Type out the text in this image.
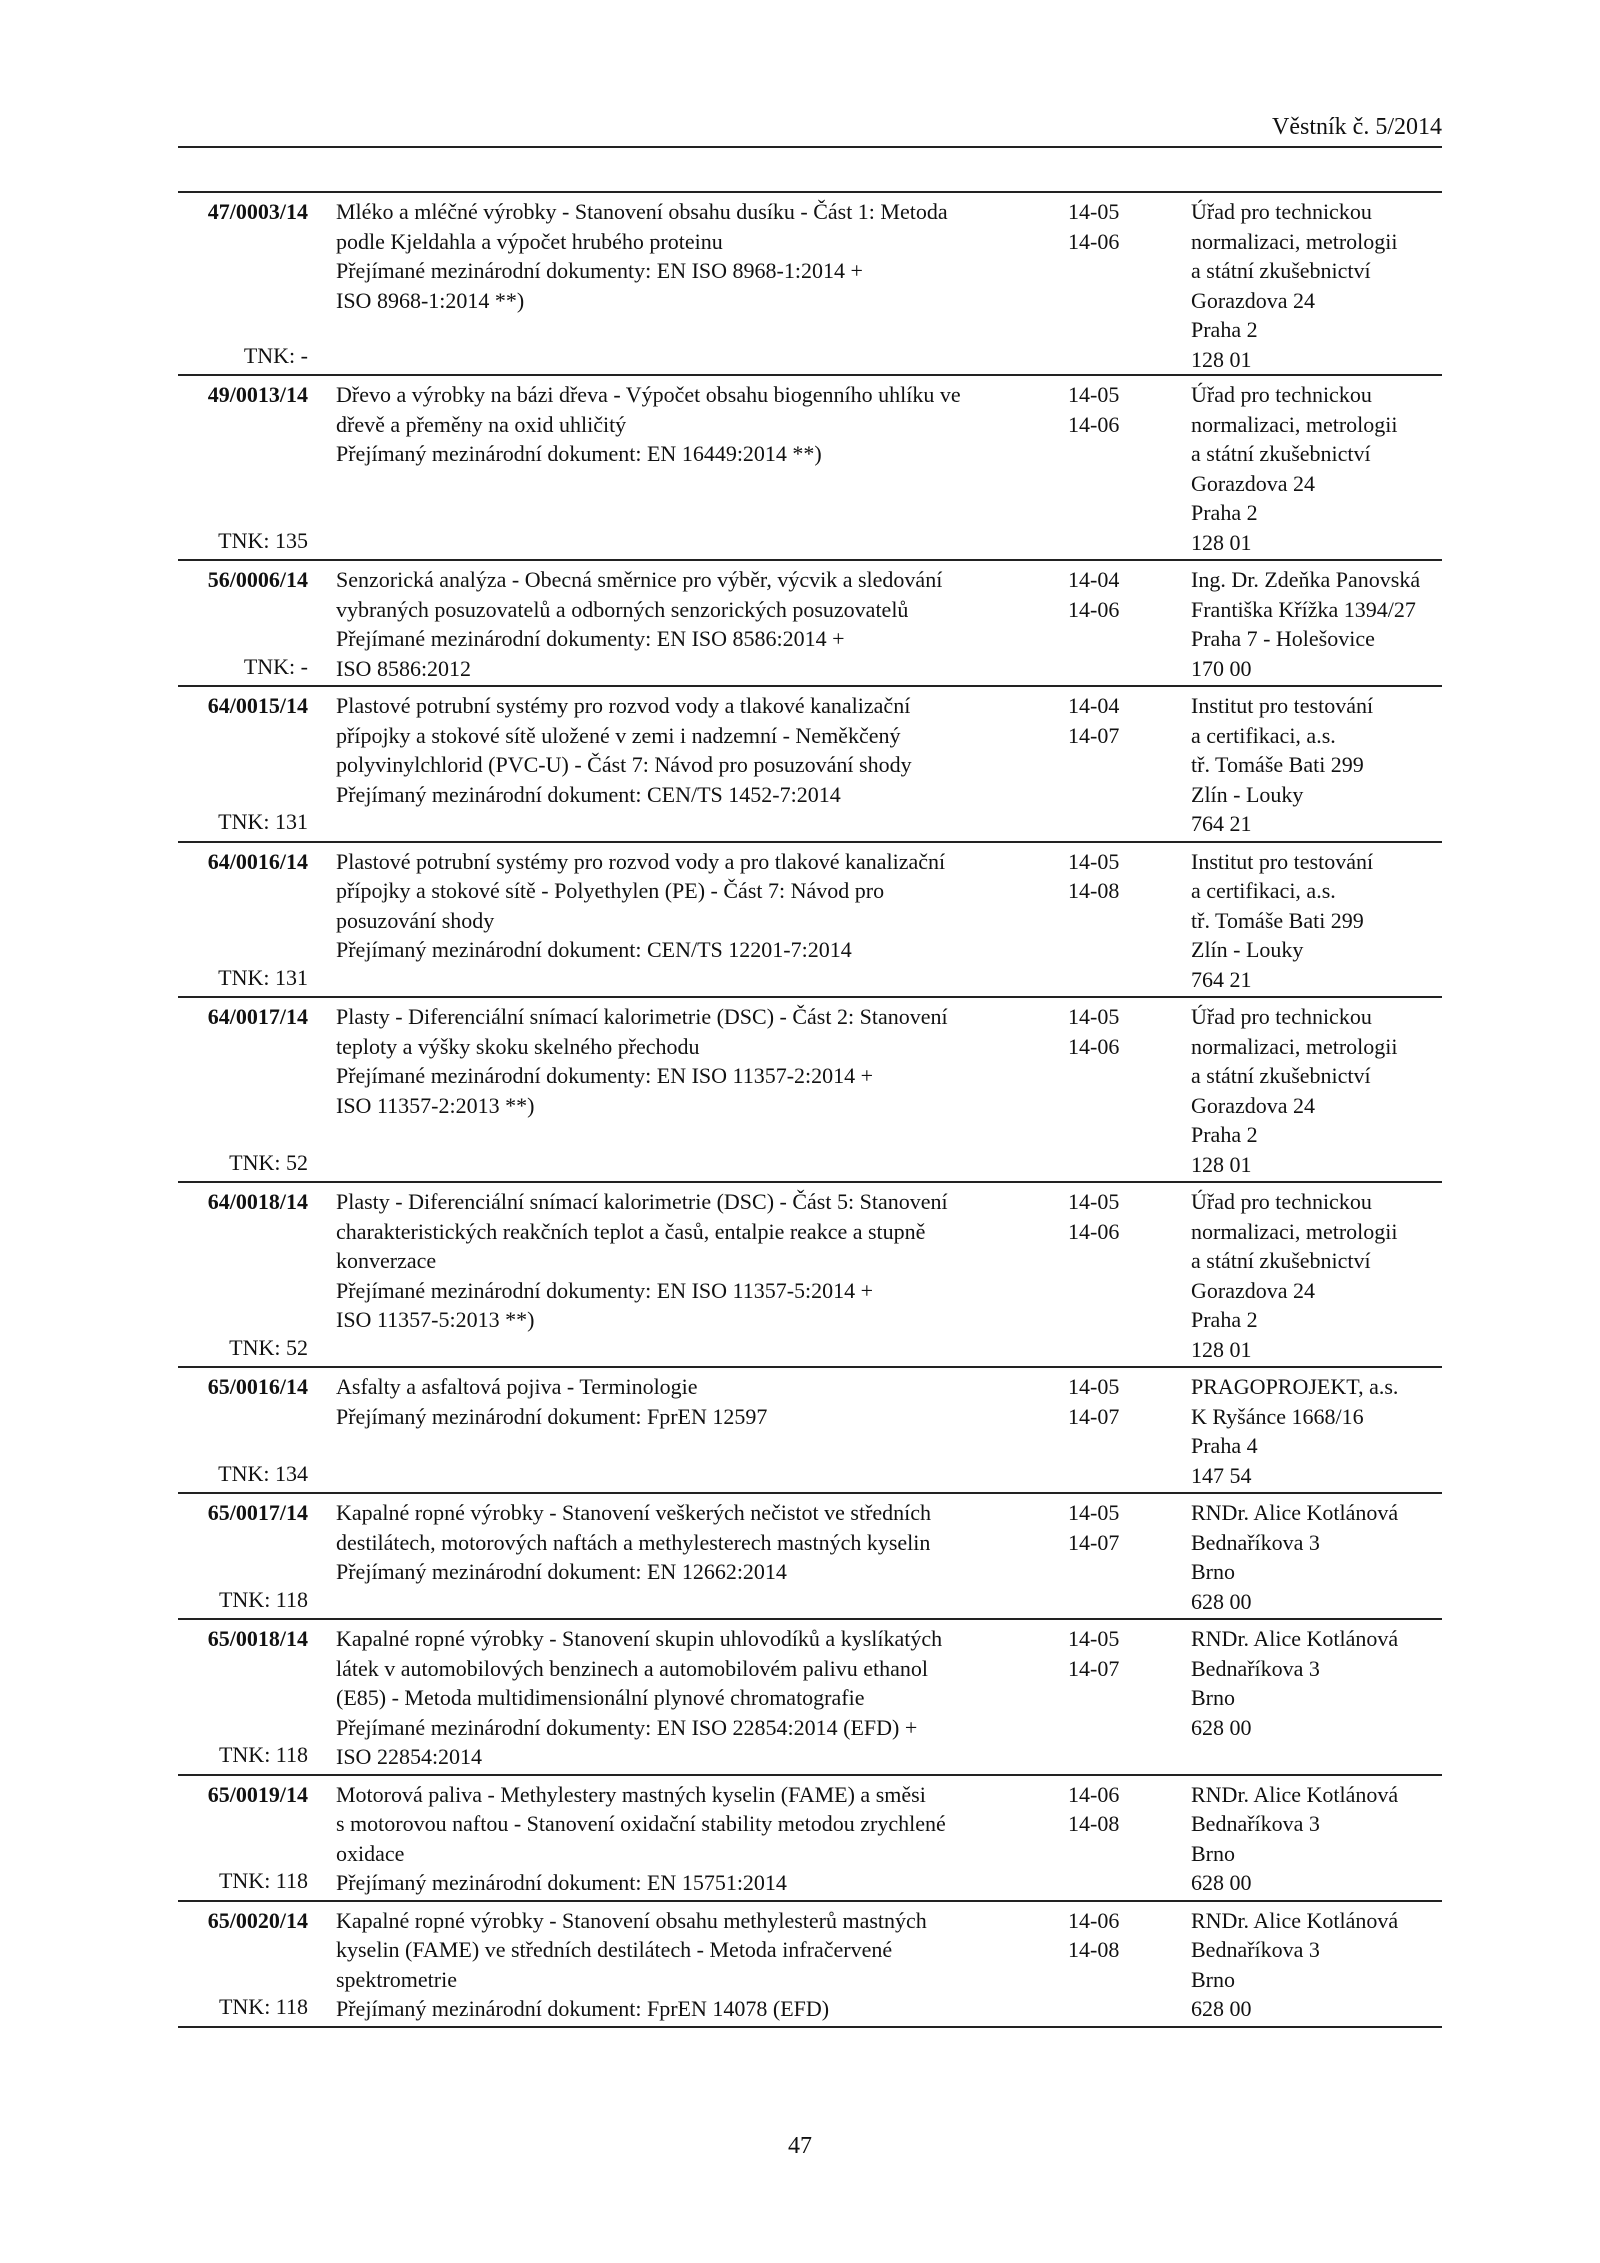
Věstník č. 5/2014
47/0003/14
TNK: -
Mléko a mléčné výrobky - Stanovení obsahu dusíku - Část 1: Metoda
podle Kjeldahla a výpočet hrubého proteinu
Přejímané mezinárodní dokumenty: EN ISO 8968-1:2014 +
ISO 8968-1:2014 **)
14-05
14-06
Úřad pro technickou
normalizaci, metrologii
a státní zkušebnictví
Gorazdova 24
Praha 2
128 01
49/0013/14
TNK: 135
Dřevo a výrobky na bázi dřeva - Výpočet obsahu biogenního uhlíku ve
dřevě a přeměny na oxid uhličitý
Přejímaný mezinárodní dokument: EN 16449:2014 **)
14-05
14-06
Úřad pro technickou
normalizaci, metrologii
a státní zkušebnictví
Gorazdova 24
Praha 2
128 01
56/0006/14
TNK: -
Senzorická analýza - Obecná směrnice pro výběr, výcvik a sledování
vybraných posuzovatelů a odborných senzorických posuzovatelů
Přejímané mezinárodní dokumenty: EN ISO 8586:2014 +
ISO 8586:2012
14-04
14-06
Ing. Dr. Zdeňka Panovská
Františka Křížka 1394/27
Praha 7 - Holešovice
170 00
64/0015/14
TNK: 131
Plastové potrubní systémy pro rozvod vody a tlakové kanalizační
přípojky a stokové sítě uložené v zemi i nadzemní - Neměkčený
polyvinylchlorid (PVC-U) - Část 7: Návod pro posuzování shody
Přejímaný mezinárodní dokument: CEN/TS 1452-7:2014
14-04
14-07
Institut pro testování
a certifikaci, a.s.
tř. Tomáše Bati 299
Zlín - Louky
764 21
64/0016/14
TNK: 131
Plastové potrubní systémy pro rozvod vody a pro tlakové kanalizační
přípojky a stokové sítě - Polyethylen (PE) - Část 7: Návod pro
posuzování shody
Přejímaný mezinárodní dokument: CEN/TS 12201-7:2014
14-05
14-08
Institut pro testování
a certifikaci, a.s.
tř. Tomáše Bati 299
Zlín - Louky
764 21
64/0017/14
TNK: 52
Plasty - Diferenciální snímací kalorimetrie (DSC) - Část 2: Stanovení
teploty a výšky skoku skelného přechodu
Přejímané mezinárodní dokumenty: EN ISO 11357-2:2014 +
ISO 11357-2:2013 **)
14-05
14-06
Úřad pro technickou
normalizaci, metrologii
a státní zkušebnictví
Gorazdova 24
Praha 2
128 01
64/0018/14
TNK: 52
Plasty - Diferenciální snímací kalorimetrie (DSC) - Část 5: Stanovení
charakteristických reakčních teplot a časů, entalpie reakce a stupně
konverzace
Přejímané mezinárodní dokumenty: EN ISO 11357-5:2014 +
ISO 11357-5:2013 **)
14-05
14-06
Úřad pro technickou
normalizaci, metrologii
a státní zkušebnictví
Gorazdova 24
Praha 2
128 01
65/0016/14
TNK: 134
Asfalty a asfaltová pojiva - Terminologie
Přejímaný mezinárodní dokument: FprEN 12597
14-05
14-07
PRAGOPROJEKT, a.s.
K Ryšánce 1668/16
Praha 4
147 54
65/0017/14
TNK: 118
Kapalné ropné výrobky - Stanovení veškerých nečistot ve středních
destilátech, motorových naftách a methylesterech mastných kyselin
Přejímaný mezinárodní dokument: EN 12662:2014
14-05
14-07
RNDr. Alice Kotlánová
Bednaříkova 3
Brno
628 00
65/0018/14
TNK: 118
Kapalné ropné výrobky - Stanovení skupin uhlovodíků a kyslíkatých
látek v automobilových benzinech a automobilovém palivu ethanol
(E85) - Metoda multidimensionální plynové chromatografie
Přejímané mezinárodní dokumenty: EN ISO 22854:2014 (EFD) +
ISO 22854:2014
14-05
14-07
RNDr. Alice Kotlánová
Bednaříkova 3
Brno
628 00
65/0019/14
TNK: 118
Motorová paliva - Methylestery mastných kyselin (FAME) a směsi
s motorovou naftou - Stanovení oxidační stability metodou zrychlené
oxidace
Přejímaný mezinárodní dokument: EN 15751:2014
14-06
14-08
RNDr. Alice Kotlánová
Bednaříkova 3
Brno
628 00
65/0020/14
TNK: 118
Kapalné ropné výrobky - Stanovení obsahu methylesterů mastných
kyselin (FAME) ve středních destilátech - Metoda infračervené
spektrometrie
Přejímaný mezinárodní dokument: FprEN 14078 (EFD)
14-06
14-08
RNDr. Alice Kotlánová
Bednaříkova 3
Brno
628 00
47
